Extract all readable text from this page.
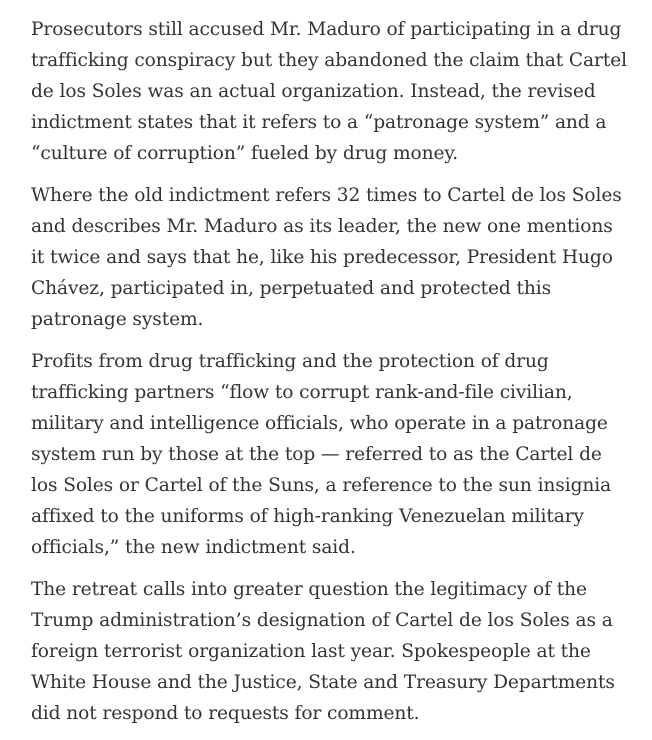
Prosecutors still accused Mr. Maduro of participating in a drug trafficking conspiracy but they abandoned the claim that Cartel de los Soles was an actual organization. Instead, the revised indictment states that it refers to a “patronage system” and a “culture of corruption” fueled by drug money.

Where the old indictment refers 32 times to Cartel de los Soles and describes Mr. Maduro as its leader, the new one mentions it twice and says that he, like his predecessor, President Hugo Chávez, participated in, perpetuated and protected this patronage system.

Profits from drug trafficking and the protection of drug trafficking partners “flow to corrupt rank-and-file civilian, military and intelligence officials, who operate in a patronage system run by those at the top — referred to as the Cartel de los Soles or Cartel of the Suns, a reference to the sun insignia affixed to the uniforms of high-ranking Venezuelan military officials,” the new indictment said.

The retreat calls into greater question the legitimacy of the Trump administration’s designation of Cartel de los Soles as a foreign terrorist organization last year. Spokespeople at the White House and the Justice, State and Treasury Departments did not respond to requests for comment.
